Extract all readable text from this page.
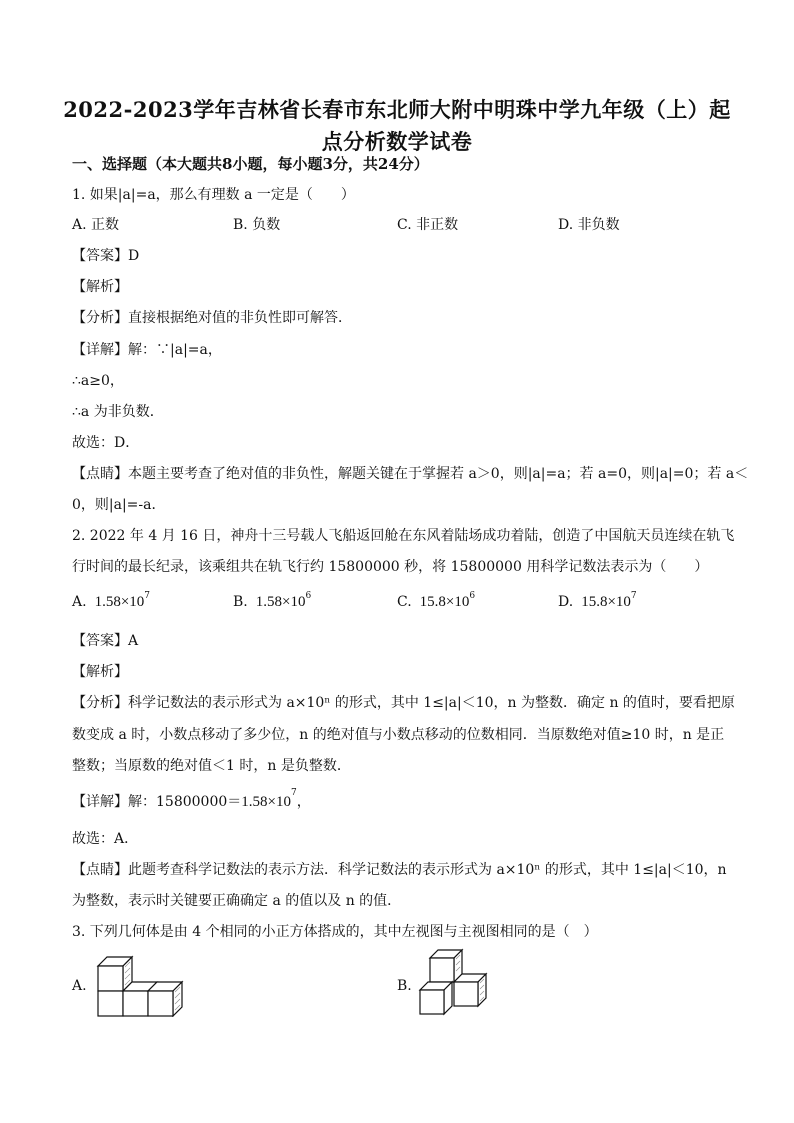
2022-2023学年吉林省长春市东北师大附中明珠中学九年级（上）起
点分析数学试卷
一、选择题（本大题共8小题，每小题3分，共24分）
1. 如果|a|=a，那么有理数 a 一定是（　　）
A. 正数	B. 负数	C. 非正数	D. 非负数
【答案】D
【解析】
【分析】直接根据绝对值的非负性即可解答．
【详解】解：∵|a|=a，
∴a≥0，
∴a 为非负数．
故选：D．
【点睛】本题主要考查了绝对值的非负性，解题关键在于掌握若 a＞0，则|a|=a；若 a=0，则|a|=0；若 a＜
0，则|a|=-a．
2. 2022 年 4 月 16 日，神舟十三号载人飞船返回舱在东风着陆场成功着陆，创造了中国航天员连续在轨飞
行时间的最长纪录，该乘组共在轨飞行约 15800000 秒，将 15800000 用科学记数法表示为（　　）
A. $1.58\times 10^7$	B. $1.58\times 10^6$	C. $15.8\times 10^6$	D. $15.8\times 10^7$
【答案】A
【解析】
【分析】科学记数法的表示形式为 a×10ⁿ 的形式，其中 1≤|a|＜10，n 为整数．确定 n 的值时，要看把原
数变成 a 时，小数点移动了多少位，n 的绝对值与小数点移动的位数相同．当原数绝对值≥10 时，n 是正
整数；当原数的绝对值＜1 时，n 是负整数．
【详解】解：$15800000=1.58\times 10^7$，
故选：A．
【点睛】此题考查科学记数法的表示方法．科学记数法的表示形式为 a×10ⁿ 的形式，其中 1≤|a|＜10，n
为整数，表示时关键要正确确定 a 的值以及 n 的值．
3. 下列几何体是由 4 个相同的小正方体搭成的，其中左视图与主视图相同的是（　）
A.	B.
